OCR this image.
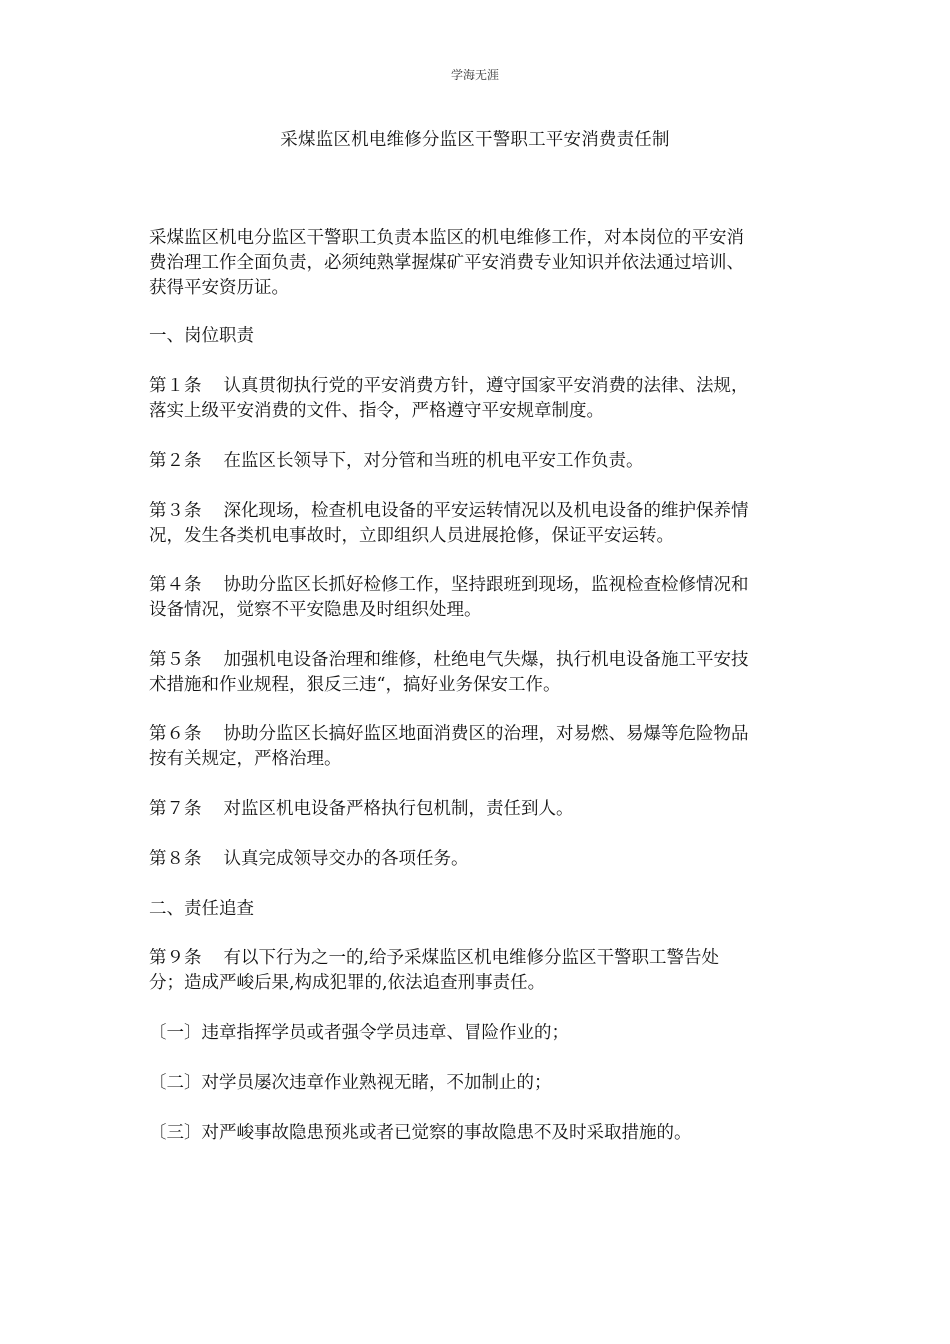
学海无涯
采煤监区机电维修分监区干警职工平安消费责任制
采煤监区机电分监区干警职工负责本监区的机电维修工作，对本岗位的平安消
费治理工作全面负责，必须纯熟掌握煤矿平安消费专业知识并依法通过培训、
获得平安资历证。
一、岗位职责
第１条 认真贯彻执行党的平安消费方针，遵守国家平安消费的法律、法规，
落实上级平安消费的文件、指令，严格遵守平安规章制度。
第２条 在监区长领导下，对分管和当班的机电平安工作负责。
第３条 深化现场，检查机电设备的平安运转情况以及机电设备的维护保养情
况，发生各类机电事故时，立即组织人员进展抢修，保证平安运转。
第４条 协助分监区长抓好检修工作，坚持跟班到现场，监视检查检修情况和
设备情况，觉察不平安隐患及时组织处理。
第５条 加强机电设备治理和维修，杜绝电气失爆，执行机电设备施工平安技
术措施和作业规程，狠反三违“，搞好业务保安工作。
第６条 协助分监区长搞好监区地面消费区的治理，对易燃、易爆等危险物品
按有关规定，严格治理。
第７条 对监区机电设备严格执行包机制，责任到人。
第８条 认真完成领导交办的各项任务。
二、责任追查
第９条 有以下行为之一的,给予采煤监区机电维修分监区干警职工警告处
分；造成严峻后果,构成犯罪的,依法追查刑事责任。
〔一〕违章指挥学员或者强令学员违章、冒险作业的；
〔二〕对学员屡次违章作业熟视无睹，不加制止的；
〔三〕对严峻事故隐患预兆或者已觉察的事故隐患不及时采取措施的。
